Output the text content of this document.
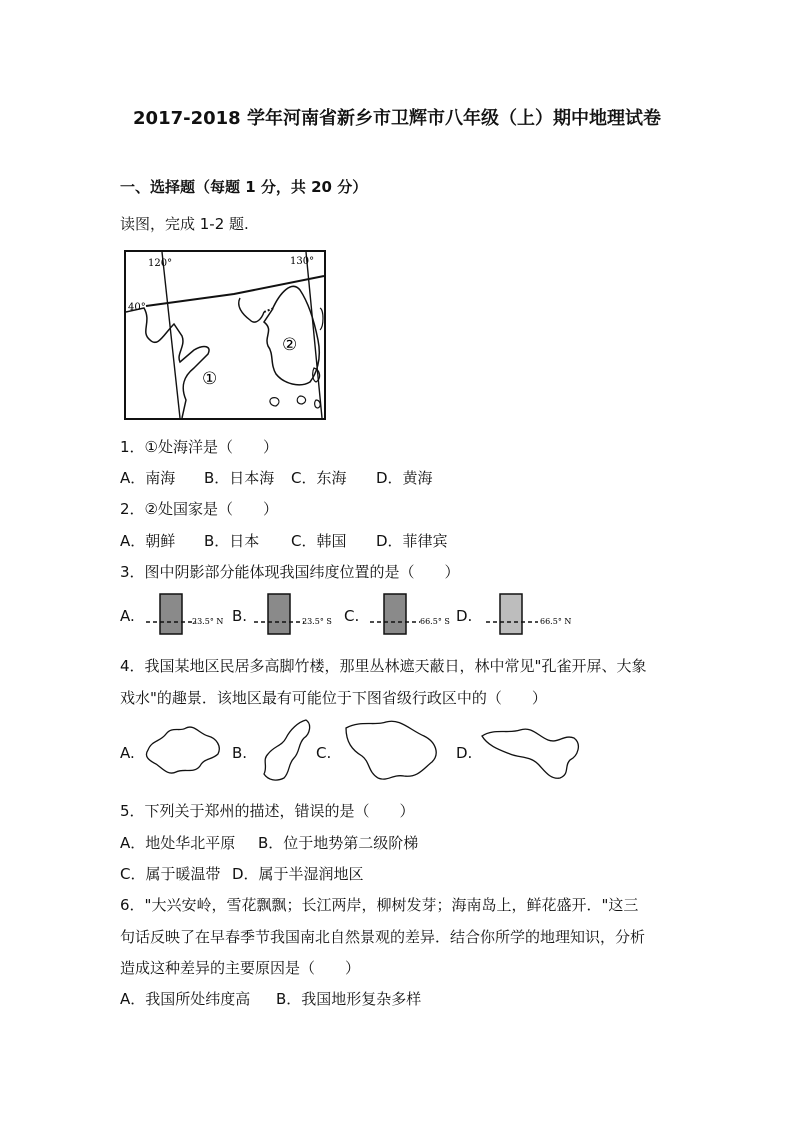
2017-2018 学年河南省新乡市卫辉市八年级（上）期中地理试卷
一、选择题（每题 1 分，共 20 分）
读图，完成 1-2 题.
120°	130°
40°
①
②
1．①处海洋是（　　）
A．南海 B．日本海 C．东海 D．黄海
2．②处国家是（　　）
A．朝鲜 B．日本 C．韩国 D．菲律宾
3．图中阴影部分能体现我国纬度位置的是（　　）
A.	23.5° N B.	23.5° S C.	66.5° S D.	66.5° N
4．我国某地区民居多高脚竹楼，那里丛林遮天蔽日，林中常见"孔雀开屏、大象
戏水"的趣景．该地区最有可能位于下图省级行政区中的（　　）
A.	B.	C.	D.
5．下列关于郑州的描述，错误的是（　　）
A．地处华北平原 B．位于地势第二级阶梯
C．属于暖温带 D．属于半湿润地区
6．"大兴安岭，雪花飘飘；长江两岸，柳树发芽；海南岛上，鲜花盛开．"这三
句话反映了在早春季节我国南北自然景观的差异．结合你所学的地理知识，分析
造成这种差异的主要原因是（　　）
A．我国所处纬度高 B．我国地形复杂多样
